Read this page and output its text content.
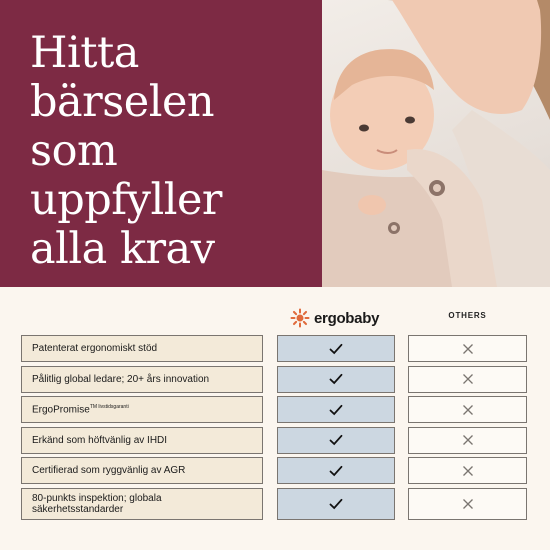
Hitta
bärselen
som
uppfyller
alla krav
ergobaby	OTHERS
Patenterat ergonomiskt stöd
Pålitlig global ledare; 20+ års innovation
ErgoPromise$^{TM livstidsgaranti}$
Erkänd som höftvänlig av IHDI
Certifierad som ryggvänlig av AGR
80-punkts inspektion; globala
säkerhetsstandarder
